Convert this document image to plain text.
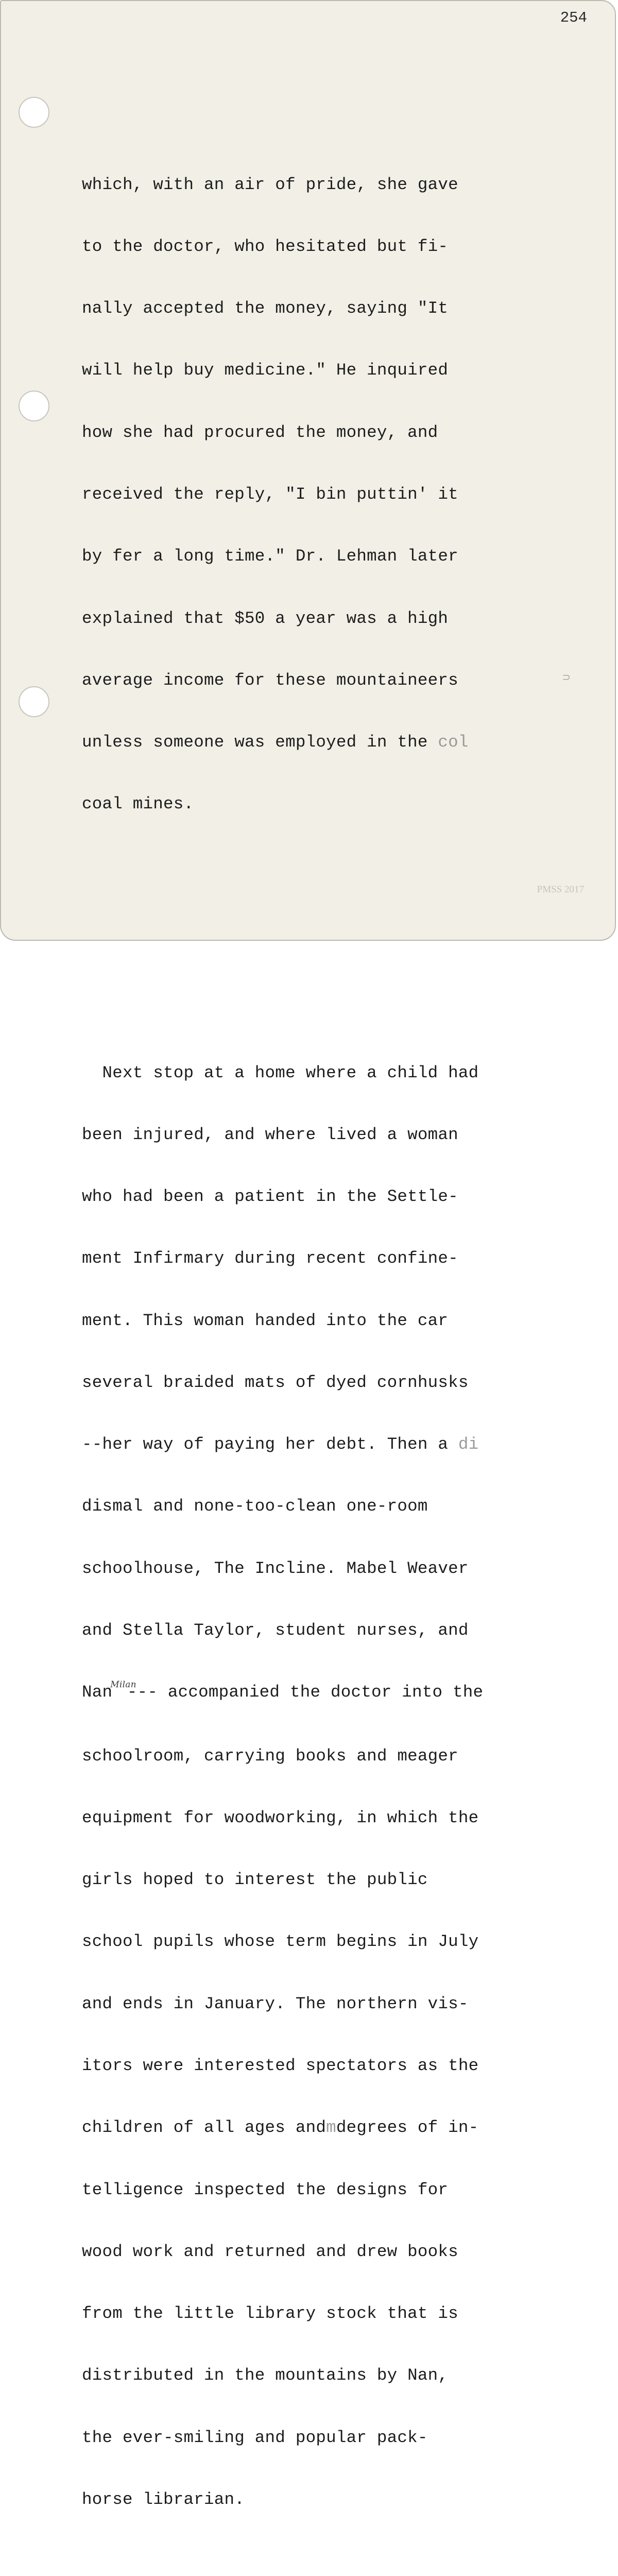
254

which, with an air of pride, she gave

to the doctor, who hesitated but fi-

nally accepted the money, saying "It

will help buy medicine." He inquired

how she had procured the money, and

received the reply, "I bin puttin' it

by fer a long time." Dr. Lehman later

explained that $50 a year was a high

average income for these mountaineers

unless someone was employed in the col

coal mines.

Next stop at a home where a child had

been injured, and where lived a woman

who had been a patient in the Settle-

ment Infirmary during recent confine-

ment. This woman handed into the car

several braided mats of dyed cornhusks

--her way of paying her debt. Then a di

dismal and none-too-clean one-room

schoolhouse, The Incline. Mabel Weaver

and Stella Taylor, student nurses, and

Nan$^{Milan}$--- accompanied the doctor into the

schoolroom, carrying books and meager

equipment for woodworking, in which the

girls hoped to interest the public

school pupils whose term begins in July

and ends in January. The northern vis-

itors were interested spectators as the

children of all ages andmdegrees of in-

telligence inspected the designs for

wood work and returned and drew books

from the little library stock that is

distributed in the mountains by Nan,

the ever-smiling and popular pack-

horse librarian.

⊃
PMSS 2017
